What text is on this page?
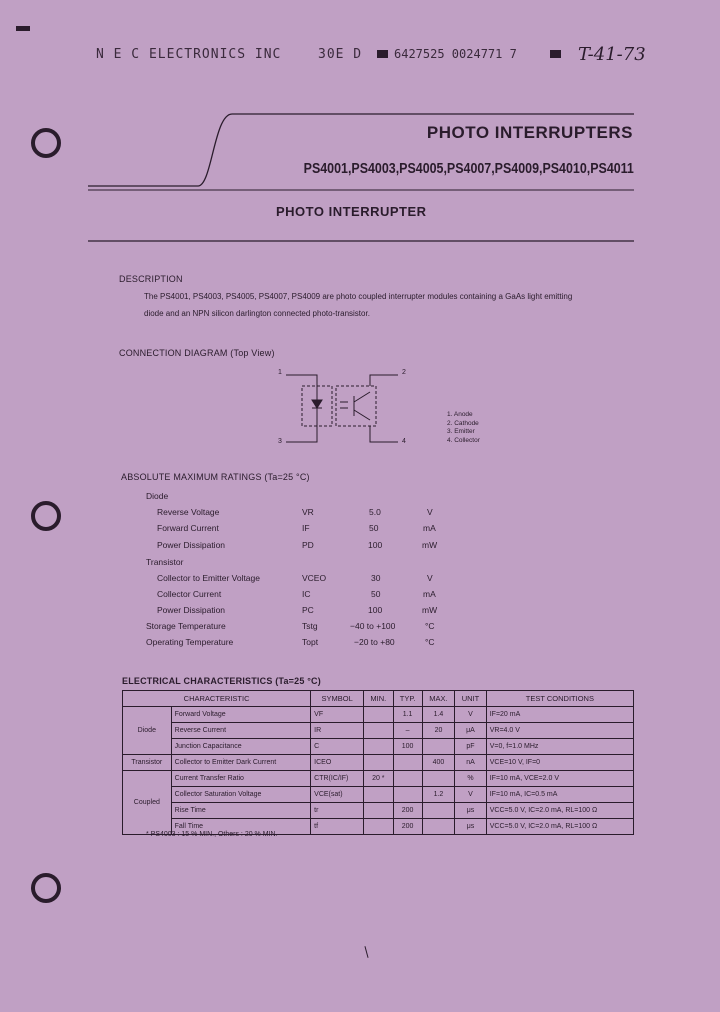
N E C ELECTRONICS INC	30E D	6427525 0024771 7	T-41-73
PHOTO INTERRUPTERS
PS4001,PS4003,PS4005,PS4007,PS4009,PS4010,PS4011
PHOTO INTERRUPTER
DESCRIPTION
The PS4001, PS4003, PS4005, PS4007, PS4009 are photo coupled interrupter modules containing a GaAs light emitting
diode and an NPN silicon darlington connected photo-transistor.
CONNECTION DIAGRAM (Top View)
1	2
3	4
1. Anode
2. Cathode
3. Emitter
4. Collector
ABSOLUTE MAXIMUM RATINGS (Ta=25 °C)
Diode
Transistor
Reverse Voltage	VR	5.0	V
Forward Current	IF	50	mA
Power Dissipation	PD	100	mW
Collector to Emitter Voltage	VCEO	30	V
Collector Current	IC	50	mA
Power Dissipation	PC	100	mW
Storage Temperature	Tstg	−40 to +100	°C
Operating Temperature	Topt	−20 to +80	°C
ELECTRICAL CHARACTERISTICS (Ta=25 °C)
CHARACTERISTIC		SYMBOL	MIN.	TYP.	MAX.	UNIT	TEST CONDITIONS
Diode	Forward Voltage	VF		1.1	1.4	V	IF=20 mA
	Reverse Current	IR		–	20	μA	VR=4.0 V
	Junction Capacitance	C		100		pF	V=0, f=1.0 MHz
Transistor	Collector to Emitter Dark Current	ICEO			400	nA	VCE=10 V, IF=0
Coupled	Current Transfer Ratio	CTR(IC/IF)	20 *			%	IF=10 mA, VCE=2.0 V
	Collector Saturation Voltage	VCE(sat)			1.2	V	IF=10 mA, IC=0.5 mA
	Rise Time	tr		200		μs	VCC=5.0 V, IC=2.0 mA, RL=100 Ω
	Fall Time	tf		200		μs	VCC=5.0 V, IC=2.0 mA, RL=100 Ω
* PS4003 : 15 % MIN., Others : 20 % MIN.
